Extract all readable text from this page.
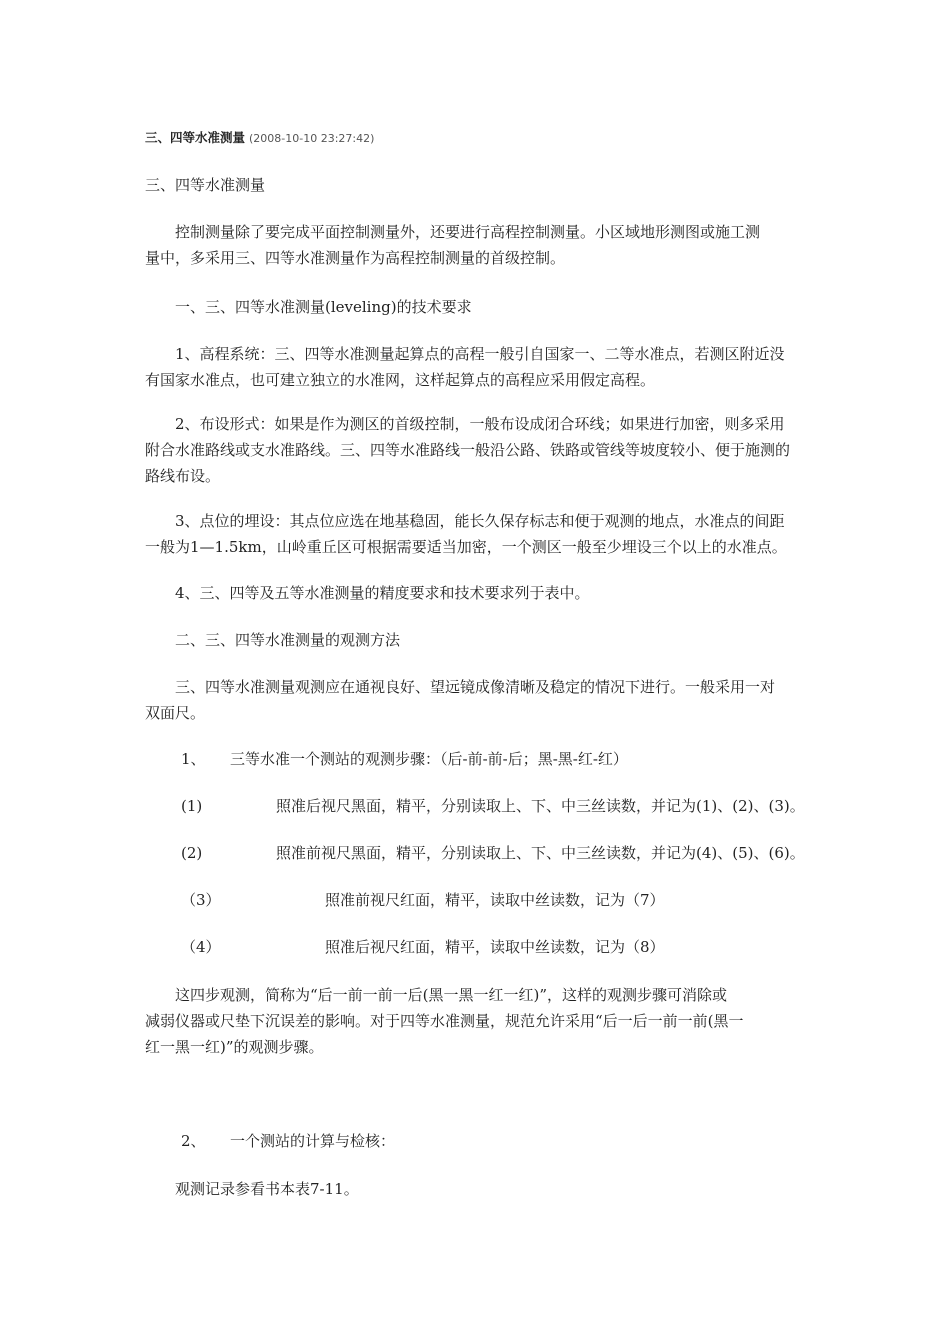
三、四等水准测量 (2008-10-10 23:27:42)
三、四等水准测量
　　控制测量除了要完成平面控制测量外，还要进行高程控制测量。小区域地形测图或施工测
量中，多采用三、四等水准测量作为高程控制测量的首级控制。
　　一、三、四等水准测量(leveling)的技术要求
　　1、高程系统：三、四等水准测量起算点的高程一般引自国家一、二等水准点，若测区附近没
有国家水准点，也可建立独立的水准网，这样起算点的高程应采用假定高程。
　　2、布设形式：如果是作为测区的首级控制，一般布设成闭合环线；如果进行加密，则多采用
附合水准路线或支水准路线。三、四等水准路线一般沿公路、铁路或管线等坡度较小、便于施测的
路线布设。
　　3、点位的埋设：其点位应选在地基稳固，能长久保存标志和便于观测的地点，水准点的间距
一般为1—1.5km，山岭重丘区可根据需要适当加密，一个测区一般至少埋设三个以上的水准点。
　　4、三、四等及五等水准测量的精度要求和技术要求列于表中。
　　二、三、四等水准测量的观测方法
　　三、四等水准测量观测应在通视良好、望远镜成像清晰及稳定的情况下进行。一般采用一对
双面尺。
1、 三等水准一个测站的观测步骤：（后-前-前-后；黑-黑-红-红）
(1)	照准后视尺黑面，精平，分别读取上、下、中三丝读数，并记为(1)、(2)、(3)。
(2)	照准前视尺黑面，精平，分别读取上、下、中三丝读数，并记为(4)、(5)、(6)。
（3）	照准前视尺红面，精平，读取中丝读数，记为（7）
（4）	照准后视尺红面，精平，读取中丝读数，记为（8）
　　这四步观测，简称为“后一前一前一后(黑一黑一红一红)”，这样的观测步骤可消除或
减弱仪器或尺垫下沉误差的影响。对于四等水准测量，规范允许采用“后一后一前一前(黑一
红一黑一红)”的观测步骤。
2、 一个测站的计算与检核：
　　观测记录参看书本表7-11。
